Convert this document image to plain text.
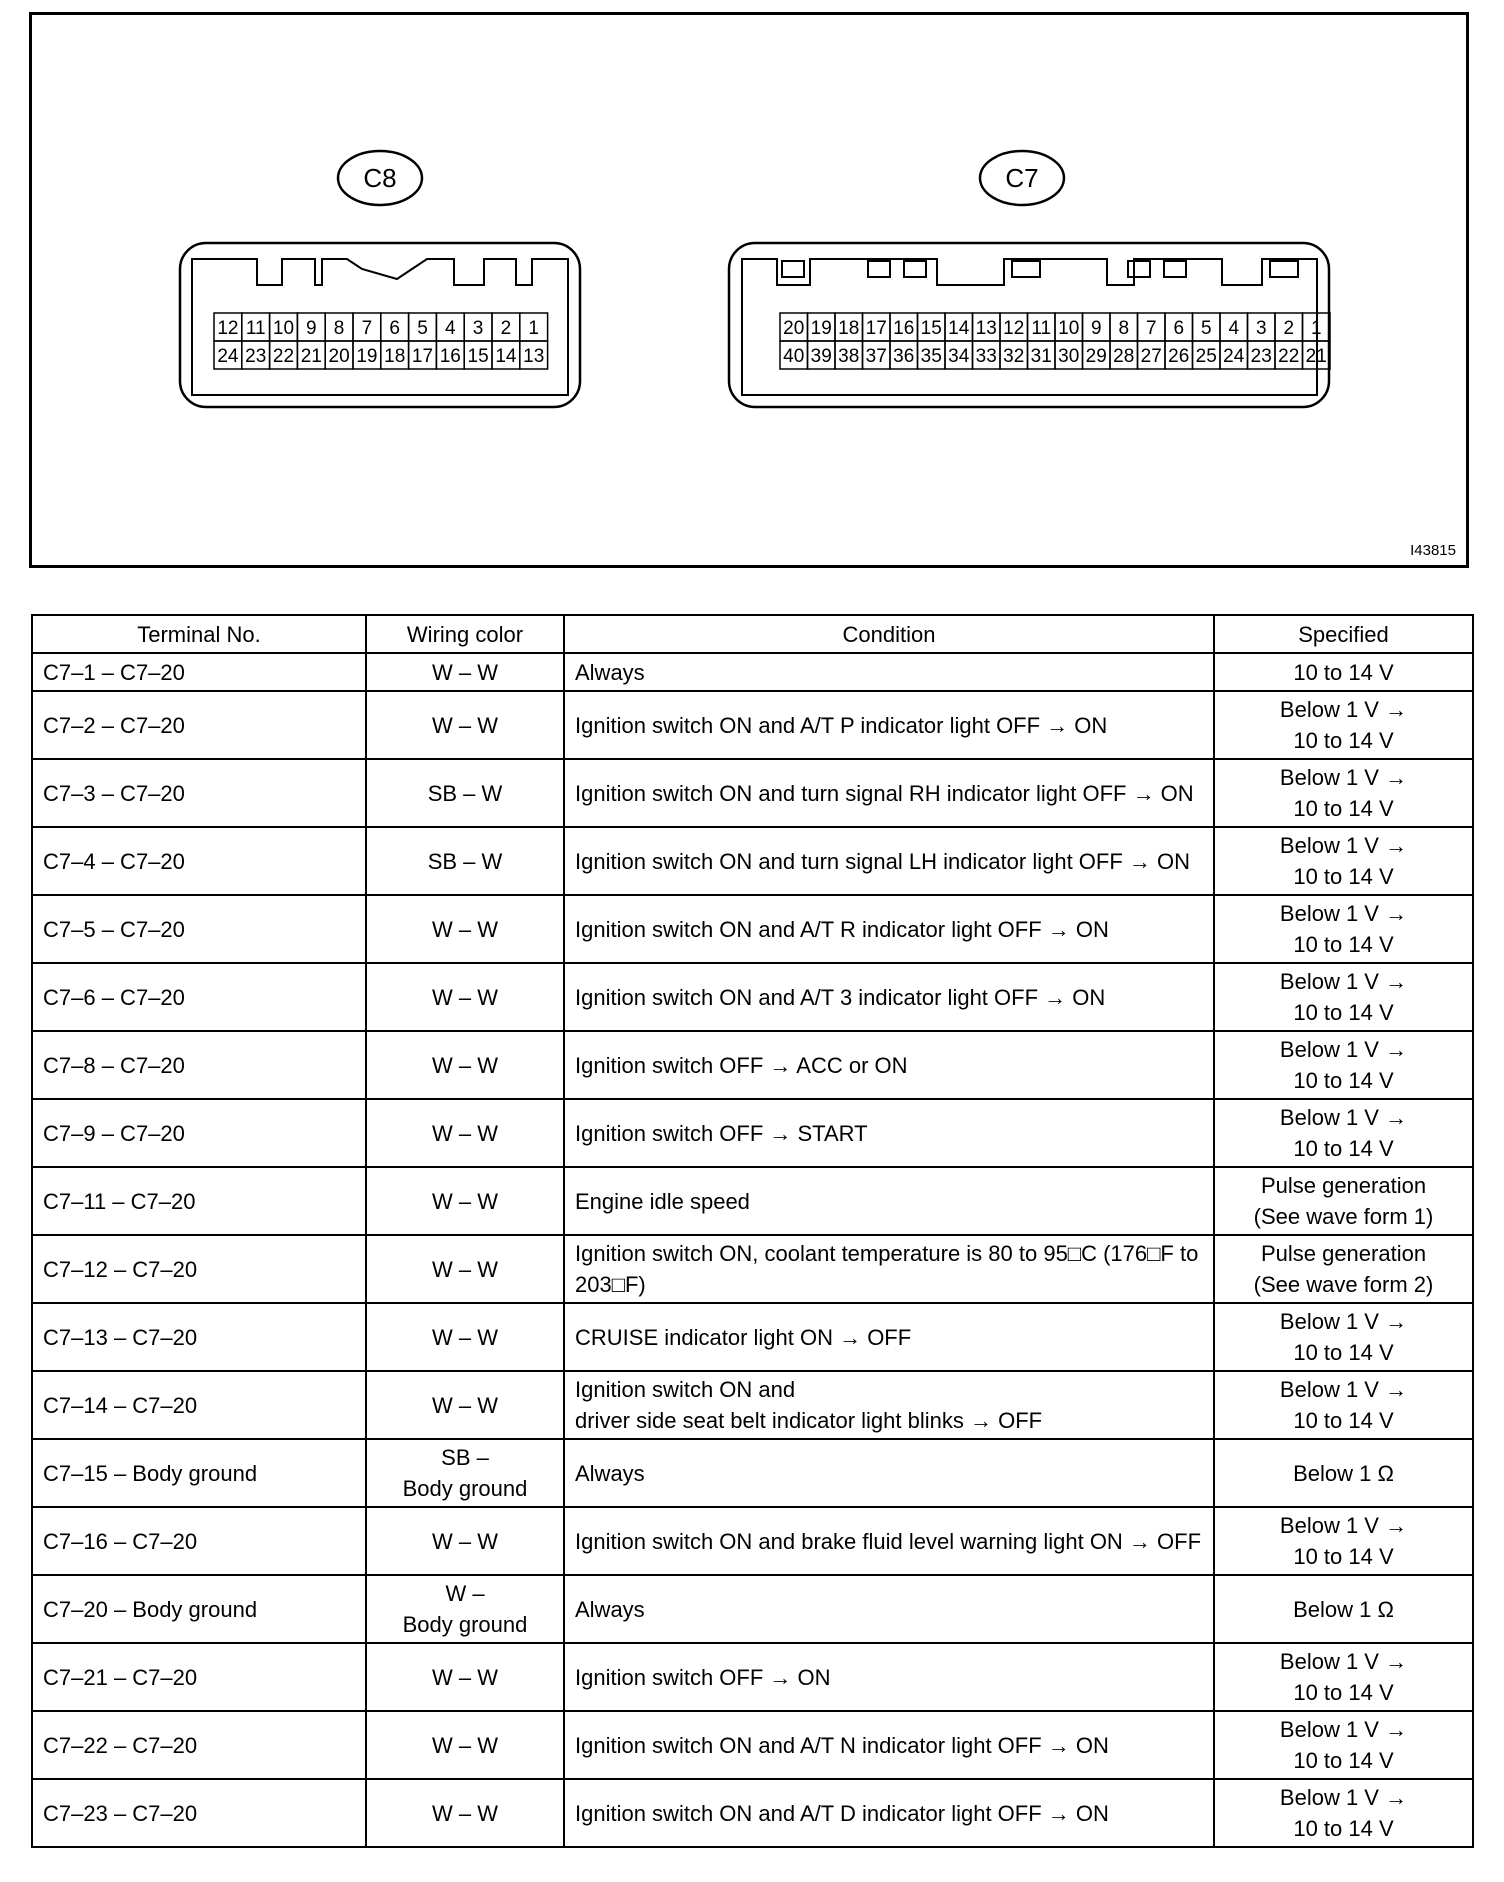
C8
12 11 10 9 8 7 6 5 4 3 2 1
24 23 22 21 20 19 18 17 16 15 14 13
C7
20 19 18 17 16 15 14 13 12 11 10 9 8 7 6 5 4 3 2 1
40 39 38 37 36 35 34 33 32 31 30 29 28 27 26 25 24 23 22 21
I43815
Terminal No.	Wiring color	Condition	Specified
C7–1 – C7–20	W – W	Always	10 to 14 V
C7–2 – C7–20	W – W	Ignition switch ON and A/T P indicator light OFF → ON	Below 1 V →
10 to 14 V
C7–3 – C7–20	SB – W	Ignition switch ON and turn signal RH indicator light OFF → ON	Below 1 V →
10 to 14 V
C7–4 – C7–20	SB – W	Ignition switch ON and turn signal LH indicator light OFF → ON	Below 1 V →
10 to 14 V
C7–5 – C7–20	W – W	Ignition switch ON and A/T R indicator light OFF → ON	Below 1 V →
10 to 14 V
C7–6 – C7–20	W – W	Ignition switch ON and A/T 3 indicator light OFF → ON	Below 1 V →
10 to 14 V
C7–8 – C7–20	W – W	Ignition switch OFF → ACC or ON	Below 1 V →
10 to 14 V
C7–9 – C7–20	W – W	Ignition switch OFF → START	Below 1 V →
10 to 14 V
C7–11 – C7–20	W – W	Engine idle speed	Pulse generation
(See wave form 1)
C7–12 – C7–20	W – W	Ignition switch ON, coolant temperature is 80 to 95□C (176□F to 203□F)	Pulse generation
(See wave form 2)
C7–13 – C7–20	W – W	CRUISE indicator light ON → OFF	Below 1 V →
10 to 14 V
C7–14 – C7–20	W – W	Ignition switch ON and
driver side seat belt indicator light blinks → OFF	Below 1 V →
10 to 14 V
C7–15 – Body ground	SB –
Body ground	Always	Below 1 Ω
C7–16 – C7–20	W – W	Ignition switch ON and brake fluid level warning light ON → OFF	Below 1 V →
10 to 14 V
C7–20 – Body ground	W –
Body ground	Always	Below 1 Ω
C7–21 – C7–20	W – W	Ignition switch OFF → ON	Below 1 V →
10 to 14 V
C7–22 – C7–20	W – W	Ignition switch ON and A/T N indicator light OFF → ON	Below 1 V →
10 to 14 V
C7–23 – C7–20	W – W	Ignition switch ON and A/T D indicator light OFF → ON	Below 1 V →
10 to 14 V
